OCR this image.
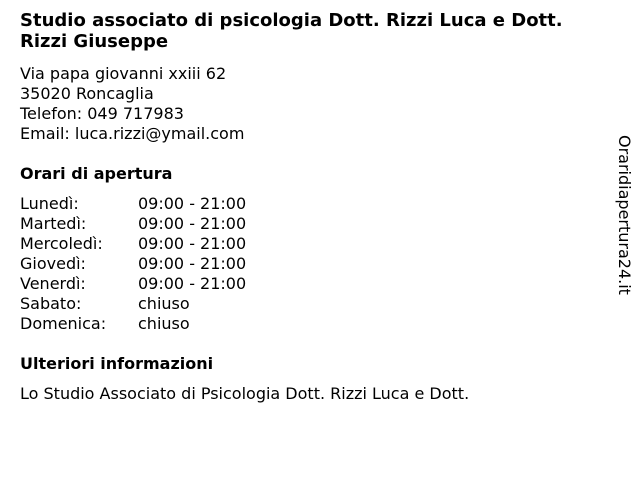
Studio associato di psicologia Dott. Rizzi Luca e Dott. Rizzi Giuseppe
Via papa giovanni xxiii 62
35020 Roncaglia
Telefon: 049 717983
Email: luca.rizzi@ymail.com
Orari di apertura
Lunedì:	09:00 - 21:00
Martedì:	09:00 - 21:00
Mercoledì:	09:00 - 21:00
Giovedì:	09:00 - 21:00
Venerdì:	09:00 - 21:00
Sabato:	chiuso
Domenica:	chiuso
Ulteriori informazioni
Lo Studio Associato di Psicologia Dott. Rizzi Luca e Dott.
Oraridiapertura24.it
